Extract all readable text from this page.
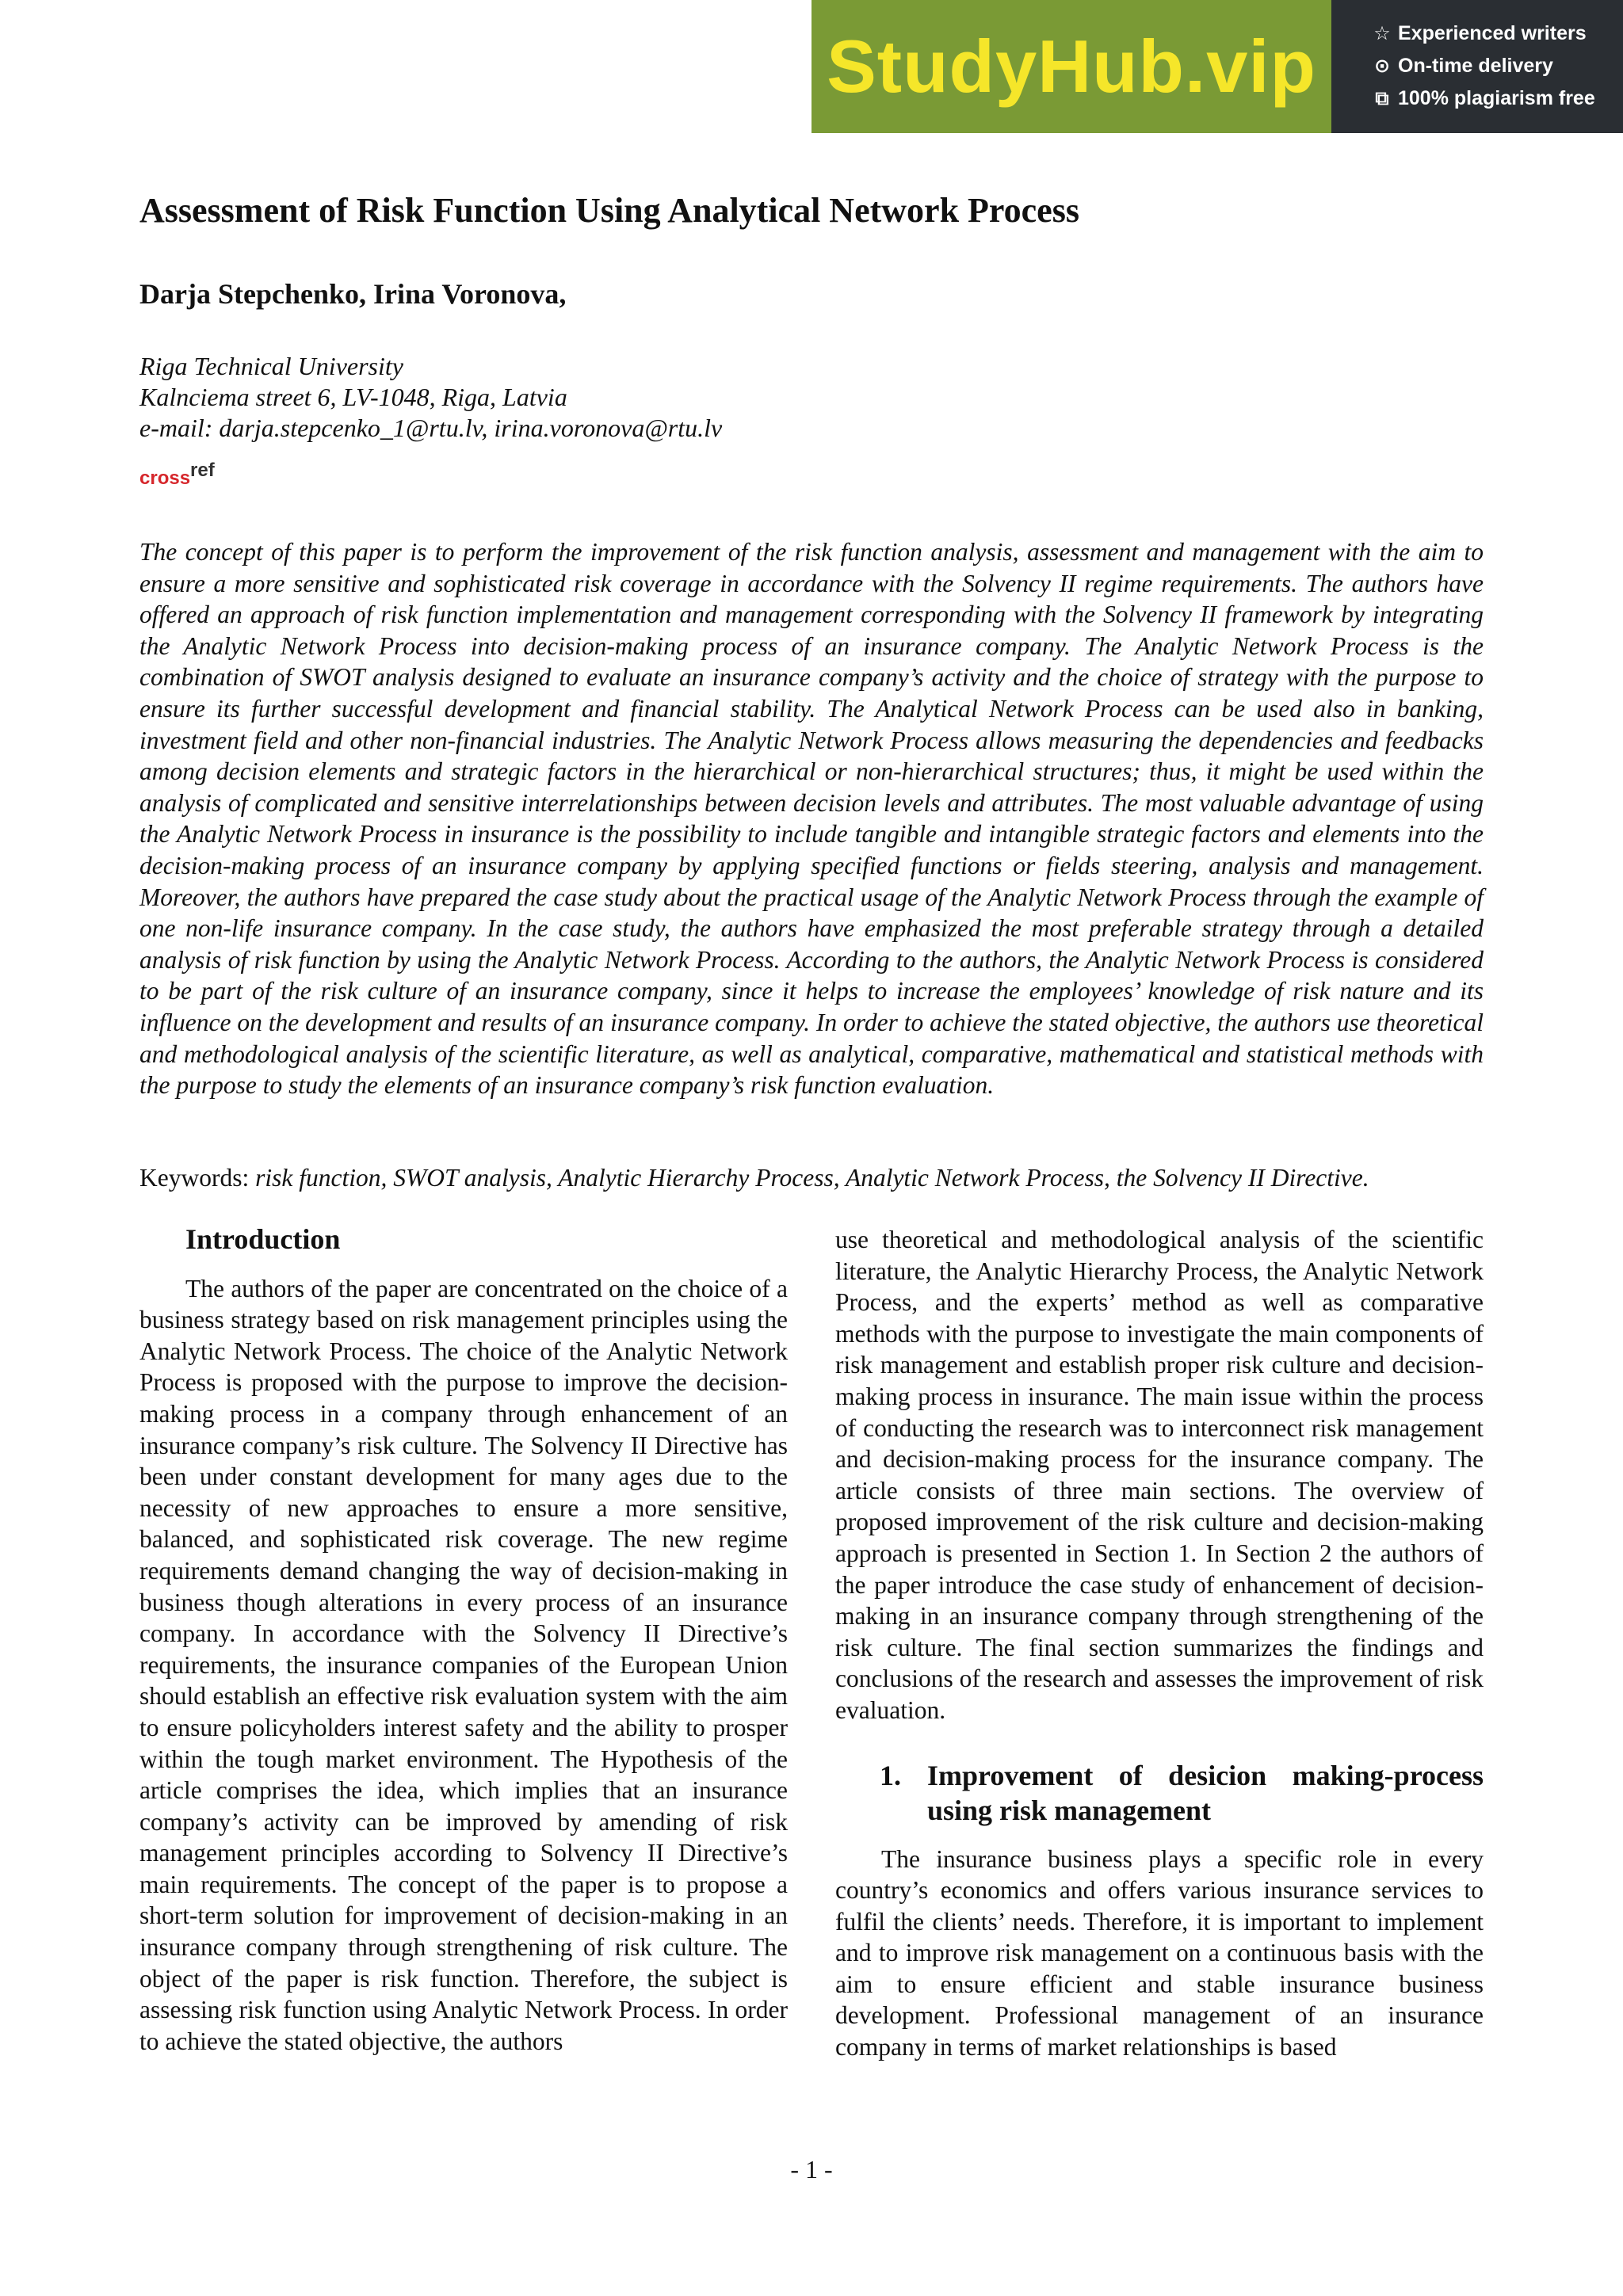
StudyHub.vip	☆ Experienced writers
⊙ On-time delivery
⧉ 100% plagiarism free
Assessment of Risk Function Using Analytical Network Process
Darja Stepchenko, Irina Voronova,
Riga Technical University
Kalnciema street 6, LV-1048, Riga, Latvia
e-mail: darja.stepcenko_1@rtu.lv, irina.voronova@rtu.lv
crossref

The concept of this paper is to perform the improvement of the risk function analysis, assessment and management with the aim to ensure a more sensitive and sophisticated risk coverage in accordance with the Solvency II regime requirements. The authors have offered an approach of risk function implementation and management corresponding with the Solvency II framework by integrating the Analytic Network Process into decision-making process of an insurance company. The Analytic Network Process is the combination of SWOT analysis designed to evaluate an insurance company’s activity and the choice of strategy with the purpose to ensure its further successful development and financial stability. The Analytical Network Process can be used also in banking, investment field and other non-financial industries. The Analytic Network Process allows measuring the dependencies and feedbacks among decision elements and strategic factors in the hierarchical or non-hierarchical structures; thus, it might be used within the analysis of complicated and sensitive interrelationships between decision levels and attributes. The most valuable advantage of using the Analytic Network Process in insurance is the possibility to include tangible and intangible strategic factors and elements into the decision-making process of an insurance company by applying specified functions or fields steering, analysis and management. Moreover, the authors have prepared the case study about the practical usage of the Analytic Network Process through the example of one non-life insurance company. In the case study, the authors have emphasized the most preferable strategy through a detailed analysis of risk function by using the Analytic Network Process. According to the authors, the Analytic Network Process is considered to be part of the risk culture of an insurance company, since it helps to increase the employees’ knowledge of risk nature and its influence on the development and results of an insurance company. In order to achieve the stated objective, the authors use theoretical and methodological analysis of the scientific literature, as well as analytical, comparative, mathematical and statistical methods with the purpose to study the elements of an insurance company’s risk function evaluation.

Keywords: risk function, SWOT analysis, Analytic Hierarchy Process, Analytic Network Process, the Solvency II Directive.
Introduction

The authors of the paper are concentrated on the choice of a business strategy based on risk management principles using the Analytic Network Process. The choice of the Analytic Network Process is proposed with the purpose to improve the decision-making process in a company through enhancement of an insurance company’s risk culture. The Solvency II Directive has been under constant development for many ages due to the necessity of new approaches to ensure a more sensitive, balanced, and sophisticated risk coverage. The new regime requirements demand changing the way of decision-making in business though alterations in every process of an insurance company. In accordance with the Solvency II Directive’s requirements, the insurance companies of the European Union should establish an effective risk evaluation system with the aim to ensure policyholders interest safety and the ability to prosper within the tough market environment. The Hypothesis of the article comprises the idea, which implies that an insurance company’s activity can be improved by amending of risk management principles according to Solvency II Directive’s main requirements. The concept of the paper is to propose a short-term solution for improvement of decision-making in an insurance company through strengthening of risk culture. The object of the paper is risk function. Therefore, the subject is assessing risk function using Analytic Network Process. In order to achieve the stated objective, the authors

use theoretical and methodological analysis of the scientific literature, the Analytic Hierarchy Process, the Analytic Network Process, and the experts’ method as well as comparative methods with the purpose to investigate the main components of risk management and establish proper risk culture and decision-making process in insurance. The main issue within the process of conducting the research was to interconnect risk management and decision-making process for the insurance company. The article consists of three main sections. The overview of proposed improvement of the risk culture and decision-making approach is presented in Section 1. In Section 2 the authors of the paper introduce the case study of enhancement of decision-making in an insurance company through strengthening of the risk culture. The final section summarizes the findings and conclusions of the research and assesses the improvement of risk evaluation.

1. Improvement of desicion making-process using risk management

The insurance business plays a specific role in every country’s economics and offers various insurance services to fulfil the clients’ needs. Therefore, it is important to implement and to improve risk management on a continuous basis with the aim to ensure efficient and stable insurance business development. Professional management of an insurance company in terms of market relationships is based

- 1 -
